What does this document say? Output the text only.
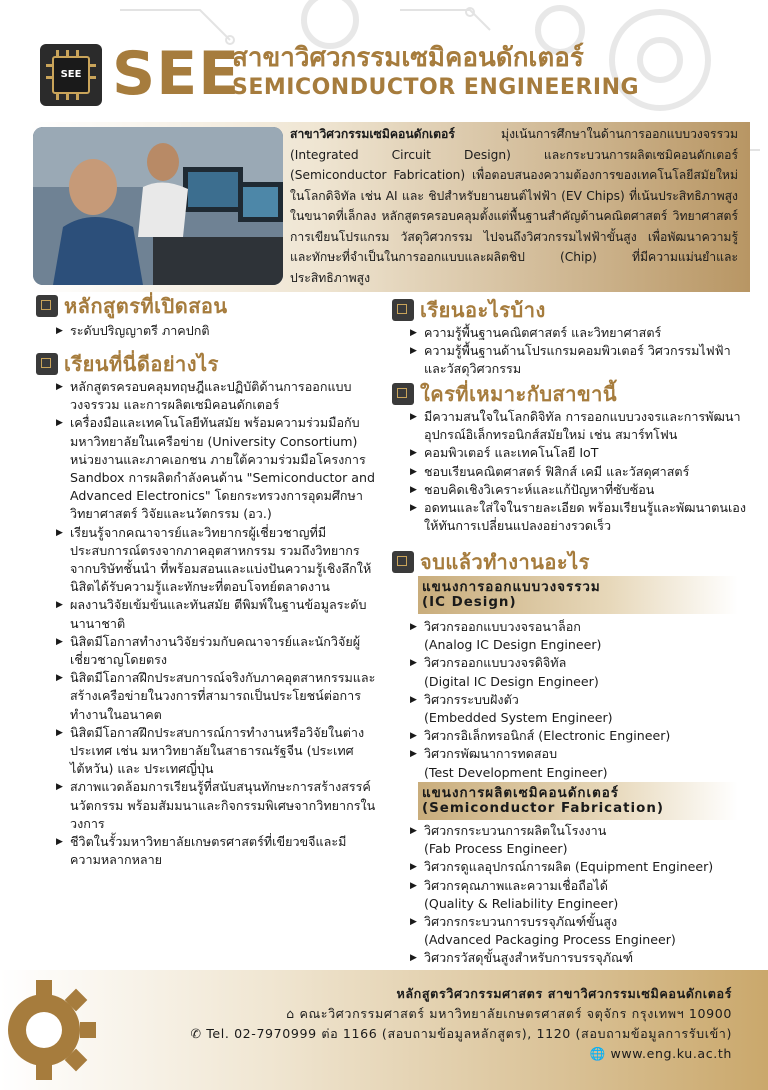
SEE SEE
สาขาวิศวกรรมเซมิคอนดักเตอร์
SEMICONDUCTOR ENGINEERING
สาขาวิศวกรรมเซมิคอนดักเตอร์ มุ่งเน้นการศึกษาในด้านการออกแบบวงจรรวม (Integrated Circuit Design) และกระบวนการผลิตเซมิคอนดักเตอร์ (Semiconductor Fabrication) เพื่อตอบสนองความต้องการของเทคโนโลยีสมัยใหม่ในโลกดิจิทัล เช่น AI และ ชิปสำหรับยานยนต์ไฟฟ้า (EV Chips) ที่เน้นประสิทธิภาพสูงในขนาดที่เล็กลง หลักสูตรครอบคลุมตั้งแต่พื้นฐานสำคัญด้านคณิตศาสตร์ วิทยาศาสตร์ การเขียนโปรแกรม วัสดุวิศวกรรม ไปจนถึงวิศวกรรมไฟฟ้าขั้นสูง เพื่อพัฒนาความรู้และทักษะที่จำเป็นในการออกแบบและผลิตชิป (Chip) ที่มีความแม่นยำและประสิทธิภาพสูง
หลักสูตรที่เปิดสอน
▶ ระดับปริญญาตรี ภาคปกติ
เรียนที่นี่ดีอย่างไร
▶ หลักสูตรครอบคลุมทฤษฎีและปฏิบัติด้านการออกแบบวงจรรวม และการผลิตเซมิคอนดักเตอร์
▶ เครื่องมือและเทคโนโลยีทันสมัย พร้อมความร่วมมือกับมหาวิทยาลัยในเครือข่าย (University Consortium) หน่วยงานและภาคเอกชน ภายใต้ความร่วมมือโครงการ Sandbox การผลิตกำลังคนด้าน "Semiconductor and Advanced Electronics" โดยกระทรวงการอุดมศึกษา วิทยาศาสตร์ วิจัยและนวัตกรรม (อว.)
▶ เรียนรู้จากคณาจารย์และวิทยากรผู้เชี่ยวชาญที่มีประสบการณ์ตรงจากภาคอุตสาหกรรม รวมถึงวิทยากรจากบริษัทชั้นนำ ที่พร้อมสอนและแบ่งปันความรู้เชิงลึกให้นิสิตได้รับความรู้และทักษะที่ตอบโจทย์ตลาดงาน
▶ ผลงานวิจัยเข้มข้นและทันสมัย ตีพิมพ์ในฐานข้อมูลระดับนานาชาติ
▶ นิสิตมีโอกาสทำงานวิจัยร่วมกับคณาจารย์และนักวิจัยผู้เชี่ยวชาญโดยตรง
▶ นิสิตมีโอกาสฝึกประสบการณ์จริงกับภาคอุตสาหกรรมและสร้างเครือข่ายในวงการที่สามารถเป็นประโยชน์ต่อการทำงานในอนาคต
▶ นิสิตมีโอกาสฝึกประสบการณ์การทำงานหรือวิจัยในต่างประเทศ เช่น มหาวิทยาลัยในสาธารณรัฐจีน (ประเทศไต้หวัน) และ ประเทศญี่ปุ่น
▶ สภาพแวดล้อมการเรียนรู้ที่สนับสนุนทักษะการสร้างสรรค์นวัตกรรม พร้อมสัมมนาและกิจกรรมพิเศษจากวิทยากรในวงการ
▶ ชีวิตในรั้วมหาวิทยาลัยเกษตรศาสตร์ที่เขียวขจีและมีความหลากหลาย
เรียนอะไรบ้าง
▶ ความรู้พื้นฐานคณิตศาสตร์ และวิทยาศาสตร์
▶ ความรู้พื้นฐานด้านโปรแกรมคอมพิวเตอร์ วิศวกรรมไฟฟ้า และวัสดุวิศวกรรม
ใครที่เหมาะกับสาขานี้
▶ มีความสนใจในโลกดิจิทัล การออกแบบวงจรและการพัฒนาอุปกรณ์อิเล็กทรอนิกส์สมัยใหม่ เช่น สมาร์ทโฟน
▶ คอมพิวเตอร์ และเทคโนโลยี IoT
▶ ชอบเรียนคณิตศาสตร์ ฟิสิกส์ เคมี และวัสดุศาสตร์
▶ ชอบคิดเชิงวิเคราะห์และแก้ปัญหาที่ซับซ้อน
▶ อดทนและใส่ใจในรายละเอียด พร้อมเรียนรู้และพัฒนาตนเองให้ทันการเปลี่ยนแปลงอย่างรวดเร็ว
จบแล้วทำงานอะไร
แขนงการออกแบบวงจรรวม
(IC Design)
▶ วิศวกรออกแบบวงจรอนาล็อก
(Analog IC Design Engineer)
▶ วิศวกรออกแบบวงจรดิจิทัล
(Digital IC Design Engineer)
▶ วิศวกรระบบฝังตัว
(Embedded System Engineer)
▶ วิศวกรอิเล็กทรอนิกส์ (Electronic Engineer)
▶ วิศวกรพัฒนาการทดสอบ
(Test Development Engineer)
แขนงการผลิตเซมิคอนดักเตอร์
(Semiconductor Fabrication)
▶ วิศวกรกระบวนการผลิตในโรงงาน
(Fab Process Engineer)
▶ วิศวกรดูแลอุปกรณ์การผลิต (Equipment Engineer)
▶ วิศวกรคุณภาพและความเชื่อถือได้
(Quality & Reliability Engineer)
▶ วิศวกรกระบวนการบรรจุภัณฑ์ขั้นสูง
(Advanced Packaging Process Engineer)
▶ วิศวกรวัสดุขั้นสูงสำหรับการบรรจุภัณฑ์

หลักสูตรวิศวกรรมศาสตร สาขาวิศวกรรมเซมิคอนดักเตอร์
⌂ คณะวิศวกรรมศาสตร์ มหาวิทยาลัยเกษตรศาสตร์ จตุจักร กรุงเทพฯ 10900
✆ Tel. 02-7970999 ต่อ 1166 (สอบถามข้อมูลหลักสูตร), 1120 (สอบถามข้อมูลการรับเข้า)
🌐 www.eng.ku.ac.th
